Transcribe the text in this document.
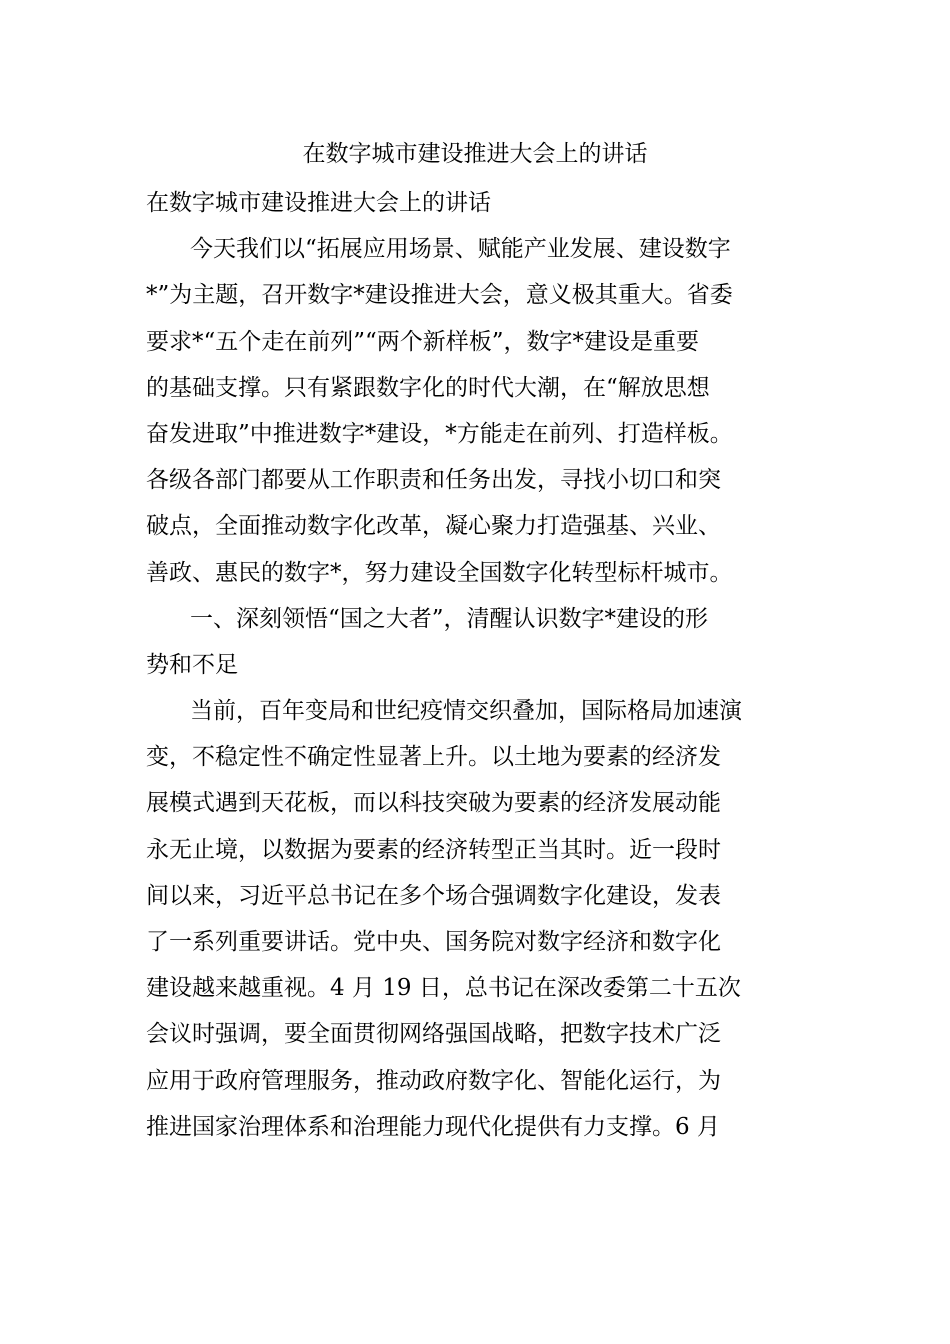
在数字城市建设推进大会上的讲话
在数字城市建设推进大会上的讲话
今天我们以“拓展应用场景、赋能产业发展、建设数字
*”为主题，召开数字*建设推进大会，意义极其重大。省委
要求*“五个走在前列”“两个新样板”，数字*建设是重要
的基础支撑。只有紧跟数字化的时代大潮，在“解放思想
奋发进取”中推进数字*建设，*方能走在前列、打造样板。
各级各部门都要从工作职责和任务出发，寻找小切口和突
破点，全面推动数字化改革，凝心聚力打造强基、兴业、
善政、惠民的数字*，努力建设全国数字化转型标杆城市。
一、深刻领悟“国之大者”，清醒认识数字*建设的形
势和不足
当前，百年变局和世纪疫情交织叠加，国际格局加速演
变，不稳定性不确定性显著上升。以土地为要素的经济发
展模式遇到天花板，而以科技突破为要素的经济发展动能
永无止境，以数据为要素的经济转型正当其时。近一段时
间以来，习近平总书记在多个场合强调数字化建设，发表
了一系列重要讲话。党中央、国务院对数字经济和数字化
建设越来越重视。4 月 19 日，总书记在深改委第二十五次
会议时强调，要全面贯彻网络强国战略，把数字技术广泛
应用于政府管理服务，推动政府数字化、智能化运行，为
推进国家治理体系和治理能力现代化提供有力支撑。6 月
